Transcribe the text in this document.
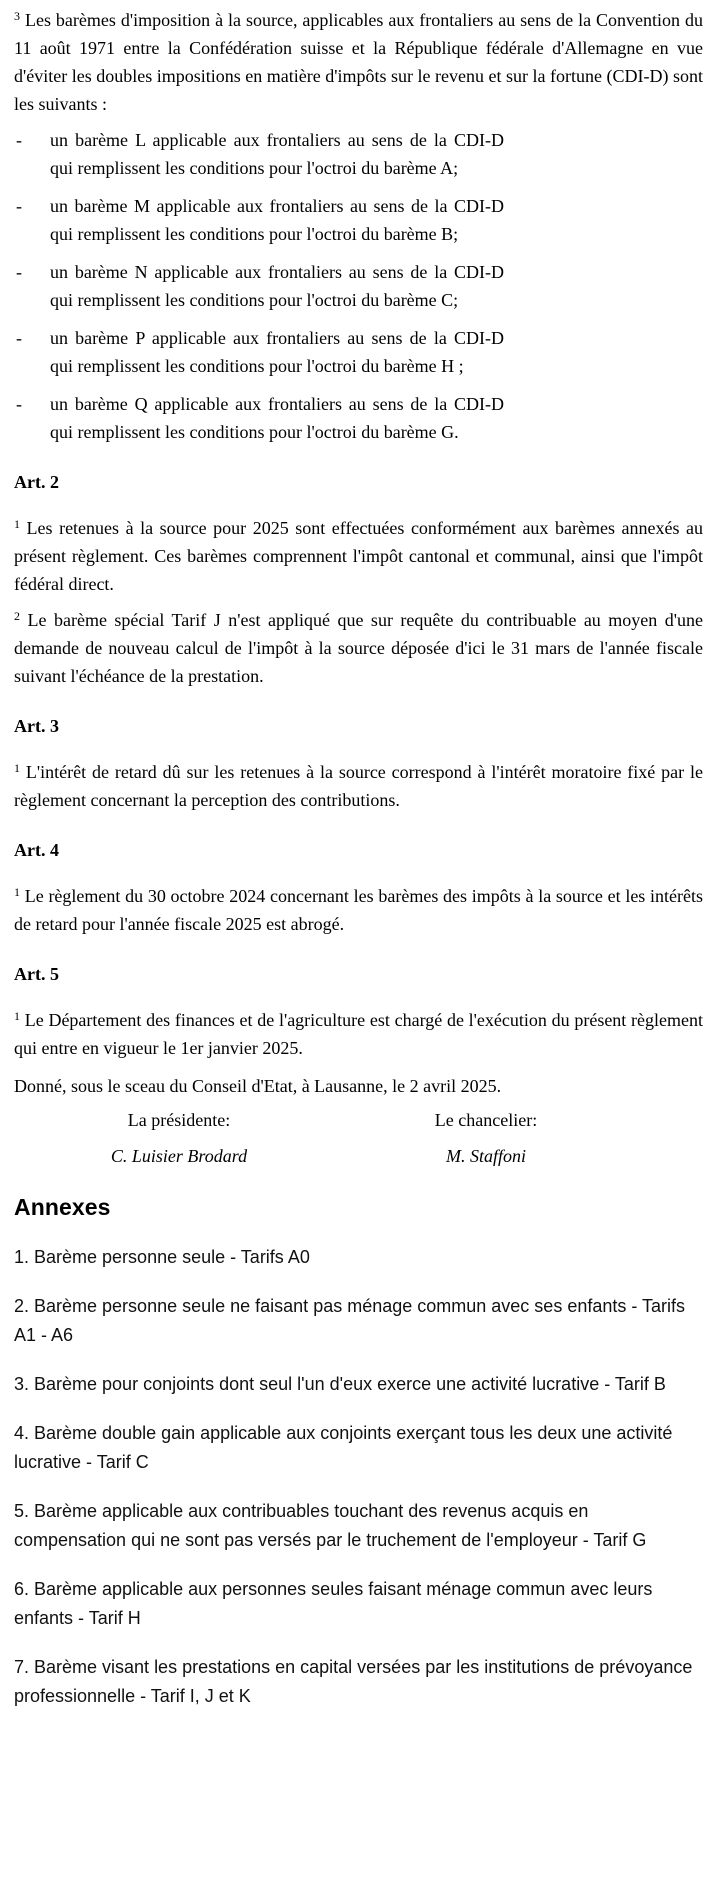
$^3$ Les barèmes d'imposition à la source, applicables aux frontaliers au sens de la Convention du 11 août 1971 entre la Confédération suisse et la République fédérale d'Allemagne en vue d'éviter les doubles impositions en matière d'impôts sur le revenu et sur la fortune (CDI-D) sont les suivants :

- un barème L applicable aux frontaliers au sens de la CDI-D qui remplissent les conditions pour l'octroi du barème A;
- un barème M applicable aux frontaliers au sens de la CDI-D qui remplissent les conditions pour l'octroi du barème B;
- un barème N applicable aux frontaliers au sens de la CDI-D qui remplissent les conditions pour l'octroi du barème C;
- un barème P applicable aux frontaliers au sens de la CDI-D qui remplissent les conditions pour l'octroi du barème H ;
- un barème Q applicable aux frontaliers au sens de la CDI-D qui remplissent les conditions pour l'octroi du barème G.

Art. 2

$^1$ Les retenues à la source pour 2025 sont effectuées conformément aux barèmes annexés au présent règlement. Ces barèmes comprennent l'impôt cantonal et communal, ainsi que l'impôt fédéral direct.

$^2$ Le barème spécial Tarif J n'est appliqué que sur requête du contribuable au moyen d'une demande de nouveau calcul de l'impôt à la source déposée d'ici le 31 mars de l'année fiscale suivant l'échéance de la prestation.

Art. 3

$^1$ L'intérêt de retard dû sur les retenues à la source correspond à l'intérêt moratoire fixé par le règlement concernant la perception des contributions.

Art. 4

$^1$ Le règlement du 30 octobre 2024 concernant les barèmes des impôts à la source et les intérêts de retard pour l'année fiscale 2025 est abrogé.

Art. 5

$^1$ Le Département des finances et de l'agriculture est chargé de l'exécution du présent règlement qui entre en vigueur le 1er janvier 2025.

Donné, sous le sceau du Conseil d'Etat, à Lausanne, le 2 avril 2025.

La présidente:
C. Luisier Brodard
Le chancelier:
M. Staffoni
Annexes

1. Barème personne seule - Tarifs A0

2. Barème personne seule ne faisant pas ménage commun avec ses enfants - Tarifs A1 - A6

3. Barème pour conjoints dont seul l'un d'eux exerce une activité lucrative - Tarif B

4. Barème double gain applicable aux conjoints exerçant tous les deux une activité lucrative - Tarif C

5. Barème applicable aux contribuables touchant des revenus acquis en compensation qui ne sont pas versés par le truchement de l'employeur - Tarif G

6. Barème applicable aux personnes seules faisant ménage commun avec leurs enfants - Tarif H

7. Barème visant les prestations en capital versées par les institutions de prévoyance professionnelle - Tarif I, J et K
